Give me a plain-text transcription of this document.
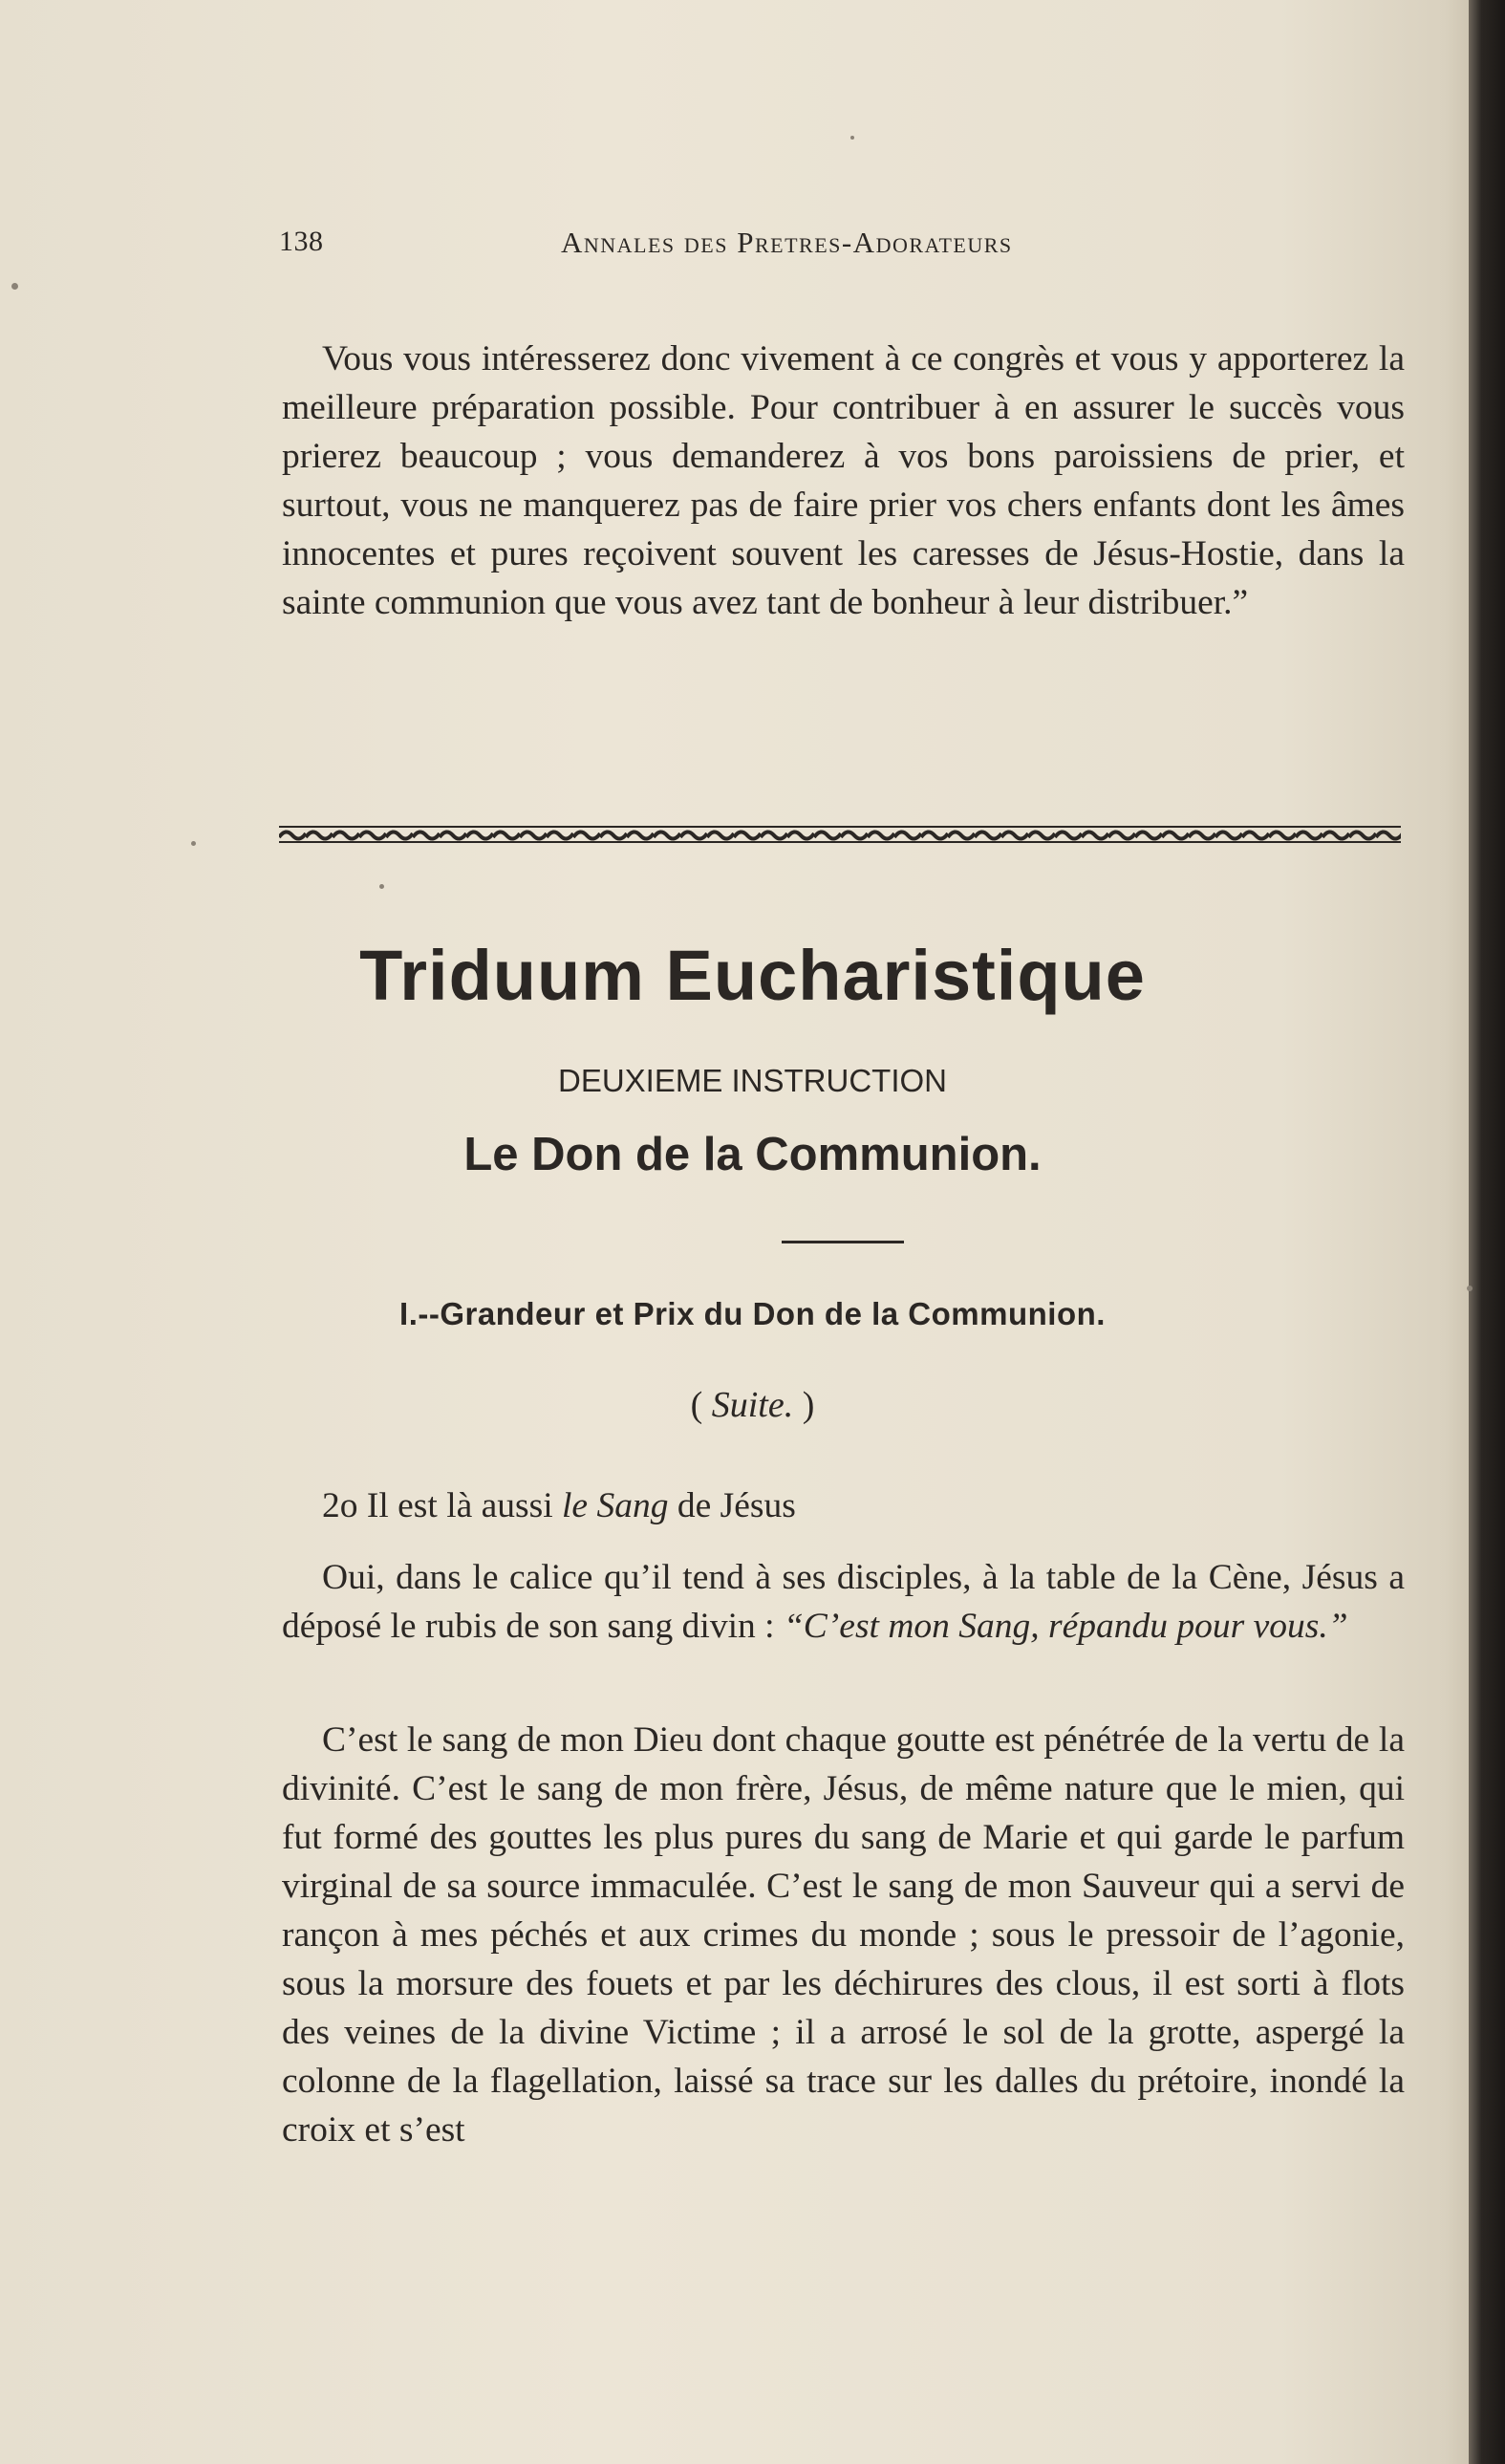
138	Annales des Pretres-Adorateurs

Vous vous intéresserez donc vivement à ce congrès et vous y apporterez la meilleure préparation possible. Pour contribuer à en assurer le succès vous prierez beaucoup ; vous demanderez à vos bons paroissiens de prier, et surtout, vous ne manquerez pas de faire prier vos chers enfants dont les âmes innocentes et pures reçoivent souvent les caresses de Jésus-Hostie, dans la sainte communion que vous avez tant de bonheur à leur distribuer.”

Triduum Eucharistique
DEUXIEME INSTRUCTION
Le Don de la Communion.
I.--Grandeur et Prix du Don de la Communion.
( Suite. )

2o Il est là aussi le Sang de Jésus

Oui, dans le calice qu’il tend à ses disciples, à la table de la Cène, Jésus a déposé le rubis de son sang divin : “C’est mon Sang, répandu pour vous.”

C’est le sang de mon Dieu dont chaque goutte est pénétrée de la vertu de la divinité. C’est le sang de mon frère, Jésus, de même nature que le mien, qui fut formé des gouttes les plus pures du sang de Marie et qui garde le parfum virginal de sa source immaculée. C’est le sang de mon Sauveur qui a servi de rançon à mes péchés et aux crimes du monde ; sous le pressoir de l’agonie, sous la morsure des fouets et par les déchirures des clous, il est sorti à flots des veines de la divine Victime ; il a arrosé le sol de la grotte, aspergé la colonne de la flagellation, laissé sa trace sur les dalles du prétoire, inondé la croix et s’est
